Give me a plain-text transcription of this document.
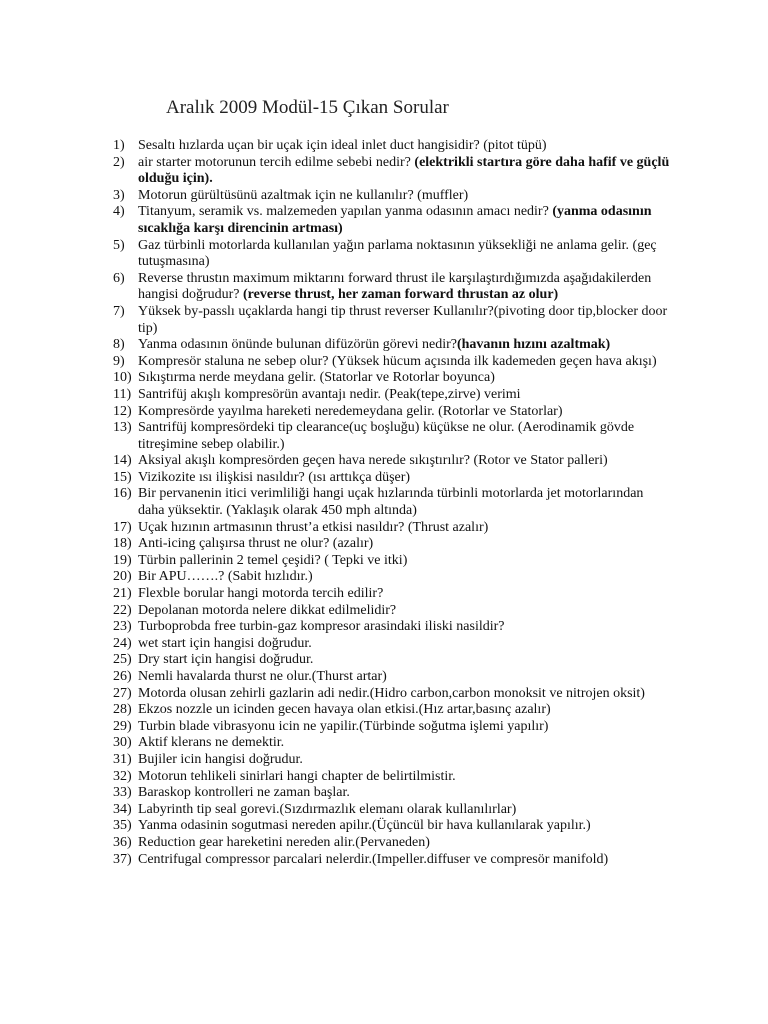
Aralık 2009 Modül-15 Çıkan Sorular
1) Sesaltı hızlarda uçan bir uçak için ideal inlet duct hangisidir? (pitot tüpü)
2) air starter motorunun tercih edilme sebebi nedir? (elektrikli startıra göre daha hafif ve güçlü olduğu için).
3) Motorun gürültüsünü azaltmak için ne kullanılır? (muffler)
4) Titanyum, seramik vs. malzemeden yapılan yanma odasının amacı nedir? (yanma odasının sıcaklığa karşı direncinin artması)
5) Gaz türbinli motorlarda kullanılan yağın parlama noktasının yüksekliği ne anlama gelir. (geç tutuşmasına)
6) Reverse thrustın maximum miktarını forward thrust ile karşılaştırdığımızda aşağıdakilerden hangisi doğrudur? (reverse thrust, her zaman forward thrustan az olur)
7) Yüksek by-passlı uçaklarda hangi tip thrust reverser Kullanılır?(pivoting door tip,blocker door tip)
8) Yanma odasının önünde bulunan difüzörün görevi nedir?(havanın hızını azaltmak)
9) Kompresör staluna ne sebep olur? (Yüksek hücum açısında ilk kademeden geçen hava akışı)
10) Sıkıştırma nerde meydana gelir. (Statorlar ve Rotorlar boyunca)
11) Santrifüj akışlı kompresörün avantajı nedir. (Peak(tepe,zirve) verimi
12) Kompresörde yayılma hareketi neredemeydana gelir. (Rotorlar ve Statorlar)
13) Santrifüj kompresördeki tip clearance(uç boşluğu) küçükse ne olur. (Aerodinamik gövde titreşimine sebep olabilir.)
14) Aksiyal akışlı kompresörden geçen hava nerede sıkıştırılır? (Rotor ve Stator palleri)
15) Vizikozite ısı ilişkisi nasıldır? (ısı arttıkça düşer)
16) Bir pervanenin itici verimliliği hangi uçak hızlarında türbinli motorlarda jet motorlarından daha yüksektir. (Yaklaşık olarak 450 mph altında)
17) Uçak hızının artmasının thrust’a etkisi nasıldır? (Thrust azalır)
18) Anti-icing çalışırsa thrust ne olur? (azalır)
19) Türbin pallerinin 2 temel çeşidi? ( Tepki ve itki)
20) Bir APU…….? (Sabit hızlıdır.)
21) Flexble borular hangi motorda tercih edilir?
22) Depolanan motorda nelere dikkat edilmelidir?
23) Turboprobda free turbin-gaz kompresor arasindaki iliski nasildir?
24) wet start için hangisi doğrudur.
25) Dry start için hangisi doğrudur.
26) Nemli havalarda thurst ne olur.(Thurst artar)
27) Motorda olusan zehirli gazlarin adi nedir.(Hidro carbon,carbon monoksit ve nitrojen oksit)
28) Ekzos nozzle un icinden gecen havaya olan etkisi.(Hız artar,basınç azalır)
29) Turbin blade vibrasyonu icin ne yapilir.(Türbinde soğutma işlemi yapılır)
30) Aktif klerans ne demektir.
31) Bujiler icin hangisi doğrudur.
32) Motorun tehlikeli sinirlari hangi chapter de belirtilmistir.
33) Baraskop kontrolleri ne zaman başlar.
34) Labyrinth tip seal gorevi.(Sızdırmazlık elemanı olarak kullanılırlar)
35) Yanma odasinin sogutmasi nereden apilır.(Üçüncül bir hava kullanılarak yapılır.)
36) Reduction gear hareketini nereden alir.(Pervaneden)
37) Centrifugal compressor parcalari nelerdir.(Impeller.diffuser ve compresör manifold)
